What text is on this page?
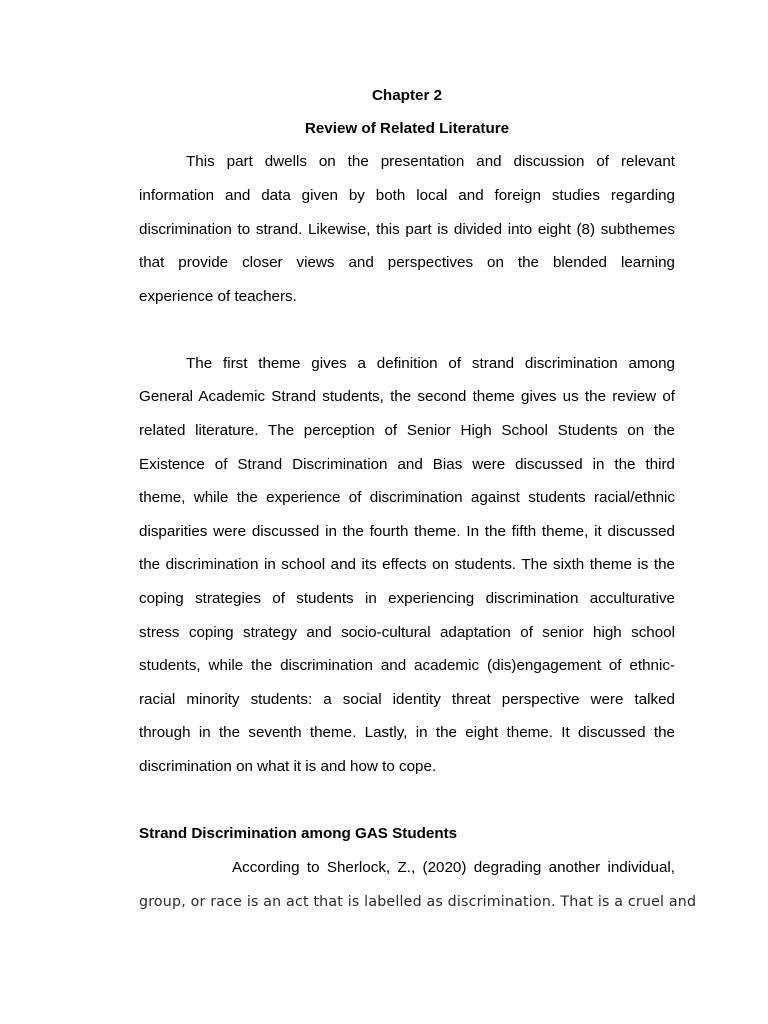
Chapter 2
Review of Related Literature
This part dwells on the presentation and discussion of relevant
information and data given by both local and foreign studies regarding
discrimination to strand. Likewise, this part is divided into eight (8) subthemes
that provide closer views and perspectives on the blended learning
experience of teachers.
The first theme gives a definition of strand discrimination among
General Academic Strand students, the second theme gives us the review of
related literature. The perception of Senior High School Students on the
Existence of Strand Discrimination and Bias were discussed in the third
theme, while the experience of discrimination against students racial/ethnic
disparities were discussed in the fourth theme. In the fifth theme, it discussed
the discrimination in school and its effects on students. The sixth theme is the
coping strategies of students in experiencing discrimination acculturative
stress coping strategy and socio-cultural adaptation of senior high school
students, while the discrimination and academic (dis)engagement of ethnic-
racial minority students: a social identity threat perspective were talked
through in the seventh theme. Lastly, in the eight theme. It discussed the
discrimination on what it is and how to cope.
Strand Discrimination among GAS Students
According to Sherlock, Z., (2020) degrading another individual,
group, or race is an act that is labelled as discrimination. That is a cruel and
